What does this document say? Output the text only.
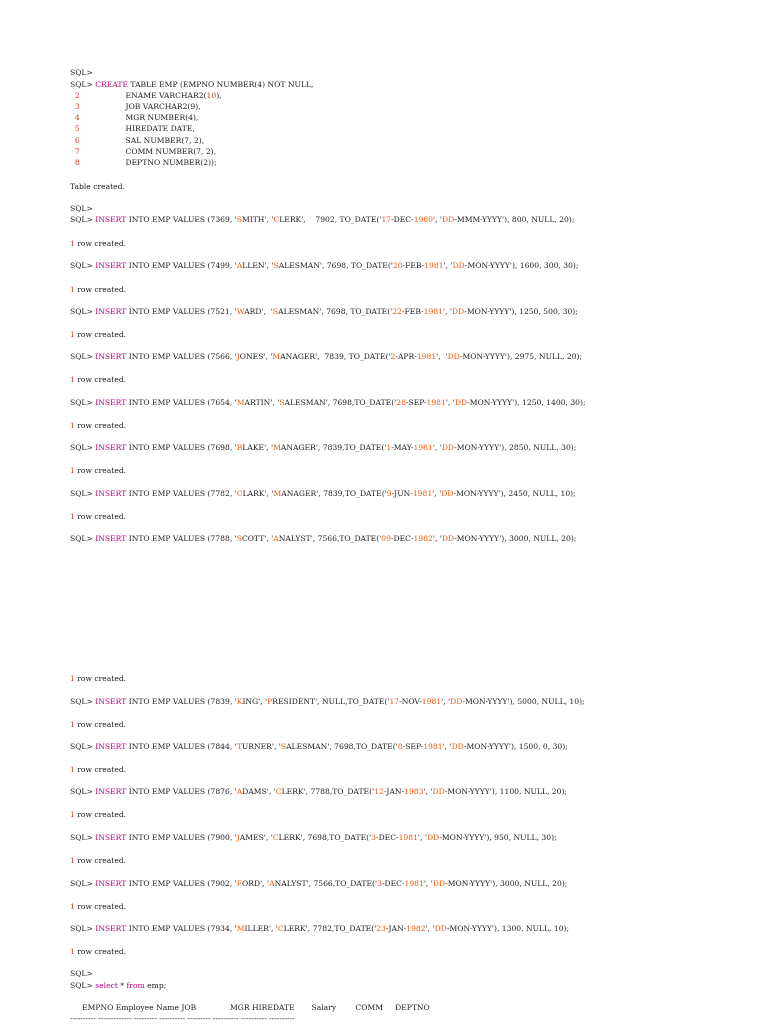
SQL>
SQL> CREATE TABLE EMP (EMPNO NUMBER(4) NOT NULL,
2                   ENAME VARCHAR2(10),
3                   JOB VARCHAR2(9),
4                   MGR NUMBER(4),
5                   HIREDATE DATE,
6                   SAL NUMBER(7, 2),
7                   COMM NUMBER(7, 2),
8                   DEPTNO NUMBER(2));
Table created.
SQL>
SQL> INSERT INTO EMP VALUES (7369, 'SMITH', 'CLERK',    7902, TO_DATE('17-DEC-1980', 'DD-MMM-YYYY'), 800, NULL, 20);
1 row created.
SQL> INSERT INTO EMP VALUES (7499, 'ALLEN', 'SALESMAN', 7698, TO_DATE('20-FEB-1981', 'DD-MON-YYYY'), 1600, 300, 30);
1 row created.
SQL> INSERT INTO EMP VALUES (7521, 'WARD',  'SALESMAN', 7698, TO_DATE('22-FEB-1981', 'DD-MON-YYYY'), 1250, 500, 30);
1 row created.
SQL> INSERT INTO EMP VALUES (7566, 'JONES', 'MANAGER',  7839, TO_DATE('2-APR-1981',  'DD-MON-YYYY'), 2975, NULL, 20);
1 row created.
SQL> INSERT INTO EMP VALUES (7654, 'MARTIN', 'SALESMAN', 7698,TO_DATE('28-SEP-1981', 'DD-MON-YYYY'), 1250, 1400, 30);
1 row created.
SQL> INSERT INTO EMP VALUES (7698, 'BLAKE', 'MANAGER', 7839,TO_DATE('1-MAY-1981', 'DD-MON-YYYY'), 2850, NULL, 30);
1 row created.
SQL> INSERT INTO EMP VALUES (7782, 'CLARK', 'MANAGER', 7839,TO_DATE('9-JUN-1981', 'DD-MON-YYYY'), 2450, NULL, 10);
1 row created.
SQL> INSERT INTO EMP VALUES (7788, 'SCOTT', 'ANALYST', 7566,TO_DATE('09-DEC-1982', 'DD-MON-YYYY'), 3000, NULL, 20);
1 row created.
SQL> INSERT INTO EMP VALUES (7839, 'KING', 'PRESIDENT', NULL,TO_DATE('17-NOV-1981', 'DD-MON-YYYY'), 5000, NULL, 10);
1 row created.
SQL> INSERT INTO EMP VALUES (7844, 'TURNER', 'SALESMAN', 7698,TO_DATE('8-SEP-1981', 'DD-MON-YYYY'), 1500, 0, 30);
1 row created.
SQL> INSERT INTO EMP VALUES (7876, 'ADAMS', 'CLERK', 7788,TO_DATE('12-JAN-1983', 'DD-MON-YYYY'), 1100, NULL, 20);
1 row created.
SQL> INSERT INTO EMP VALUES (7900, 'JAMES', 'CLERK', 7698,TO_DATE('3-DEC-1981', 'DD-MON-YYYY'), 950, NULL, 30);
1 row created.
SQL> INSERT INTO EMP VALUES (7902, 'FORD', 'ANALYST', 7566,TO_DATE('3-DEC-1981', 'DD-MON-YYYY'), 3000, NULL, 20);
1 row created.
SQL> INSERT INTO EMP VALUES (7934, 'MILLER', 'CLERK', 7782,TO_DATE('23-JAN-1982', 'DD-MON-YYYY'), 1300, NULL, 10);
1 row created.
SQL>
SQL> select * from emp;
EMPNO Employee Name JOB              MGR HIREDATE       Salary        COMM     DEPTNO
---------- ------------- --------- ---------- --------- ---------- ---------- ----------
